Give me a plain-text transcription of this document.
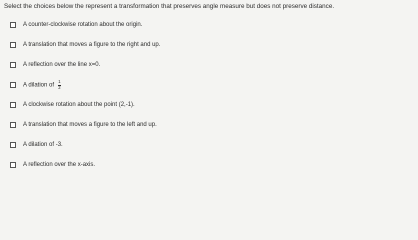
Select the choices below the represent a transformation that preserves angle measure but does not preserve distance.
A counter-clockwise rotation about the origin.
A translation that moves a figure to the right and up.
A reflection over the line x=0.
A dilation of $\frac{1}{2}$
A clockwise rotation about the point (2,-1).
A translation that moves a figure to the left and up.
A dilation of -3.
A reflection over the x-axis.
